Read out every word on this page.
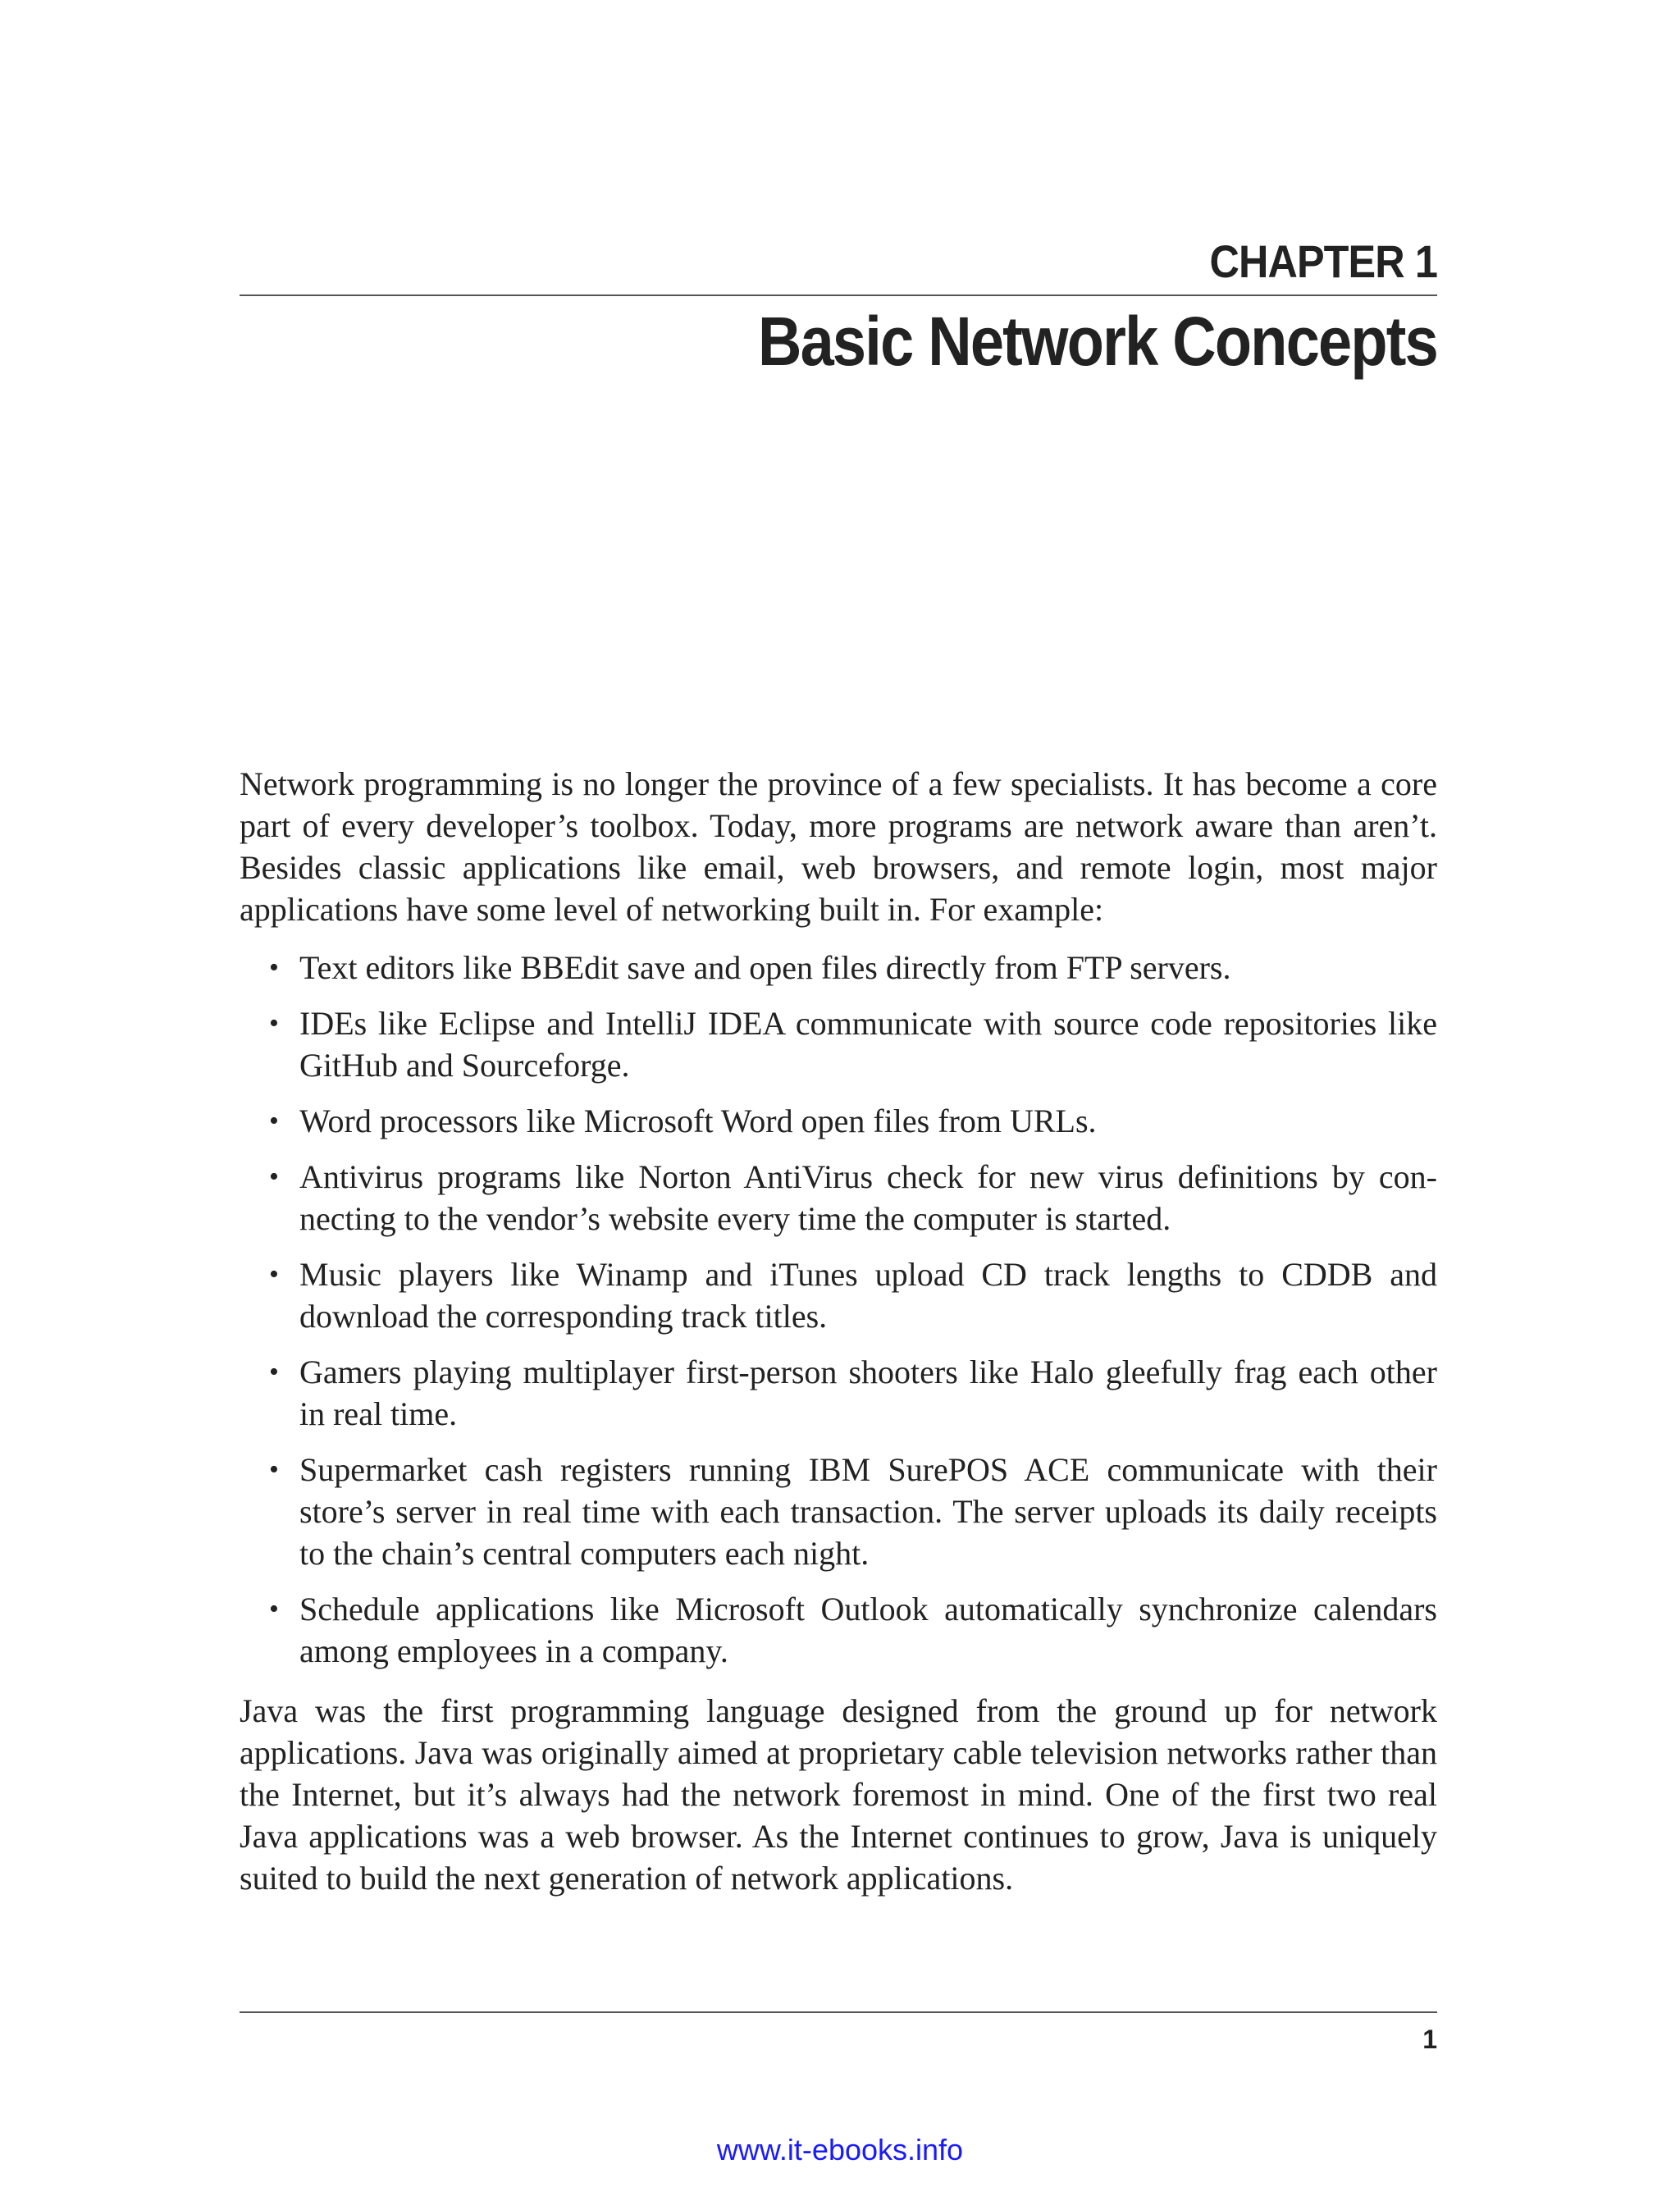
CHAPTER 1
Basic Network Concepts

Network programming is no longer the province of a few specialists. It has become a core part of every developer’s toolbox. Today, more programs are network aware than aren’t. Besides classic applications like email, web browsers, and remote login, most major applications have some level of networking built in. For example:

• Text editors like BBEdit save and open files directly from FTP servers.
• IDEs like Eclipse and IntelliJ IDEA communicate with source code repositories like GitHub and Sourceforge.
• Word processors like Microsoft Word open files from URLs.
• Antivirus programs like Norton AntiVirus check for new virus definitions by connecting to the vendor’s website every time the computer is started.
• Music players like Winamp and iTunes upload CD track lengths to CDDB and download the corresponding track titles.
• Gamers playing multiplayer first-person shooters like Halo gleefully frag each other in real time.
• Supermarket cash registers running IBM SurePOS ACE communicate with their store’s server in real time with each transaction. The server uploads its daily receipts to the chain’s central computers each night.
• Schedule applications like Microsoft Outlook automatically synchronize calendars among employees in a company.

Java was the first programming language designed from the ground up for network applications. Java was originally aimed at proprietary cable television networks rather than the Internet, but it’s always had the network foremost in mind. One of the first two real Java applications was a web browser. As the Internet continues to grow, Java is uniquely suited to build the next generation of network applications.

1
www.it-ebooks.info
